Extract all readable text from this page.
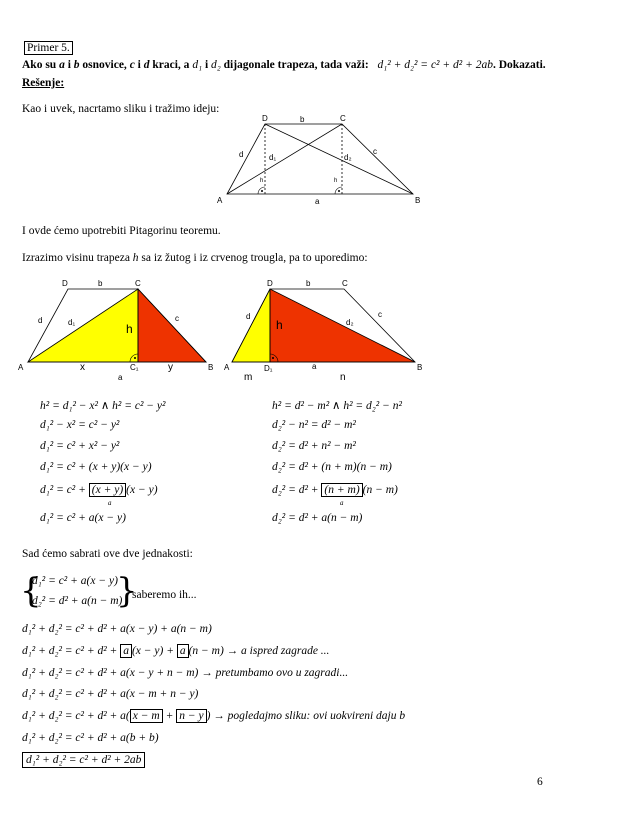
Primer 5.
Ako su a i b osnovice, c i d kraci, a d₁ i d₂ dijagonale trapeza, tada važi: d₁² + d₂² = c² + d² + 2ab. Dokazati.
Rešenje:
Kao i uvek, nacrtamo sliku i tražimo ideju:
D	C
A	B
b
a
c
d	d₁	d₂
h	h
I ovde ćemo upotrebiti Pitagorinu teoremu.
Izrazimo visinu trapeza h sa iz žutog i iz crvenog trougla, pa to uporedimo:
D	C
A	B
C₁
b
a
c
d	d₁	h
x	y
D	C
A	B
D₁
b
a
c
d
d₂
h
m	n
h² = d₁² − x² ∧ h² = c² − y²
d₁² − x² = c² − y²
d₁² = c² + x² − y²
d₁² = c² + (x + y)(x − y)
d₁² = c² + (x + y) (x − y)
a
d₁² = c² + a(x − y)
h² = d² − m² ∧ h² = d₂² − n²
d₂² − n² = d² − m²
d₂² = d² + n² − m²
d₂² = d² + (n + m)(n − m)
d₂² = d² + (n + m) (n − m)
a
d₂² = d² + a(n − m)
Sad ćemo sabrati ove dve jednakosti:
{
d₁² = c² + a(x − y)
d₂² = d² + a(n − m)
}
saberemo ih...
d₁² + d₂² = c² + d² + a(x − y) + a(n − m)
d₁² + d₂² = c² + d² + a (x − y) + a (n − m) → a ispred zagrade ...
d₁² + d₂² = c² + d² + a(x − y + n − m) → pretumbamo ovo u zagradi...
d₁² + d₂² = c² + d² + a(x − m + n − y)
d₁² + d₂² = c² + d² + a( x − m + n − y ) → pogledajmo sliku: ovi uokvireni daju b
d₁² + d₂² = c² + d² + a(b + b)
d₁² + d₂² = c² + d² + 2ab
6
